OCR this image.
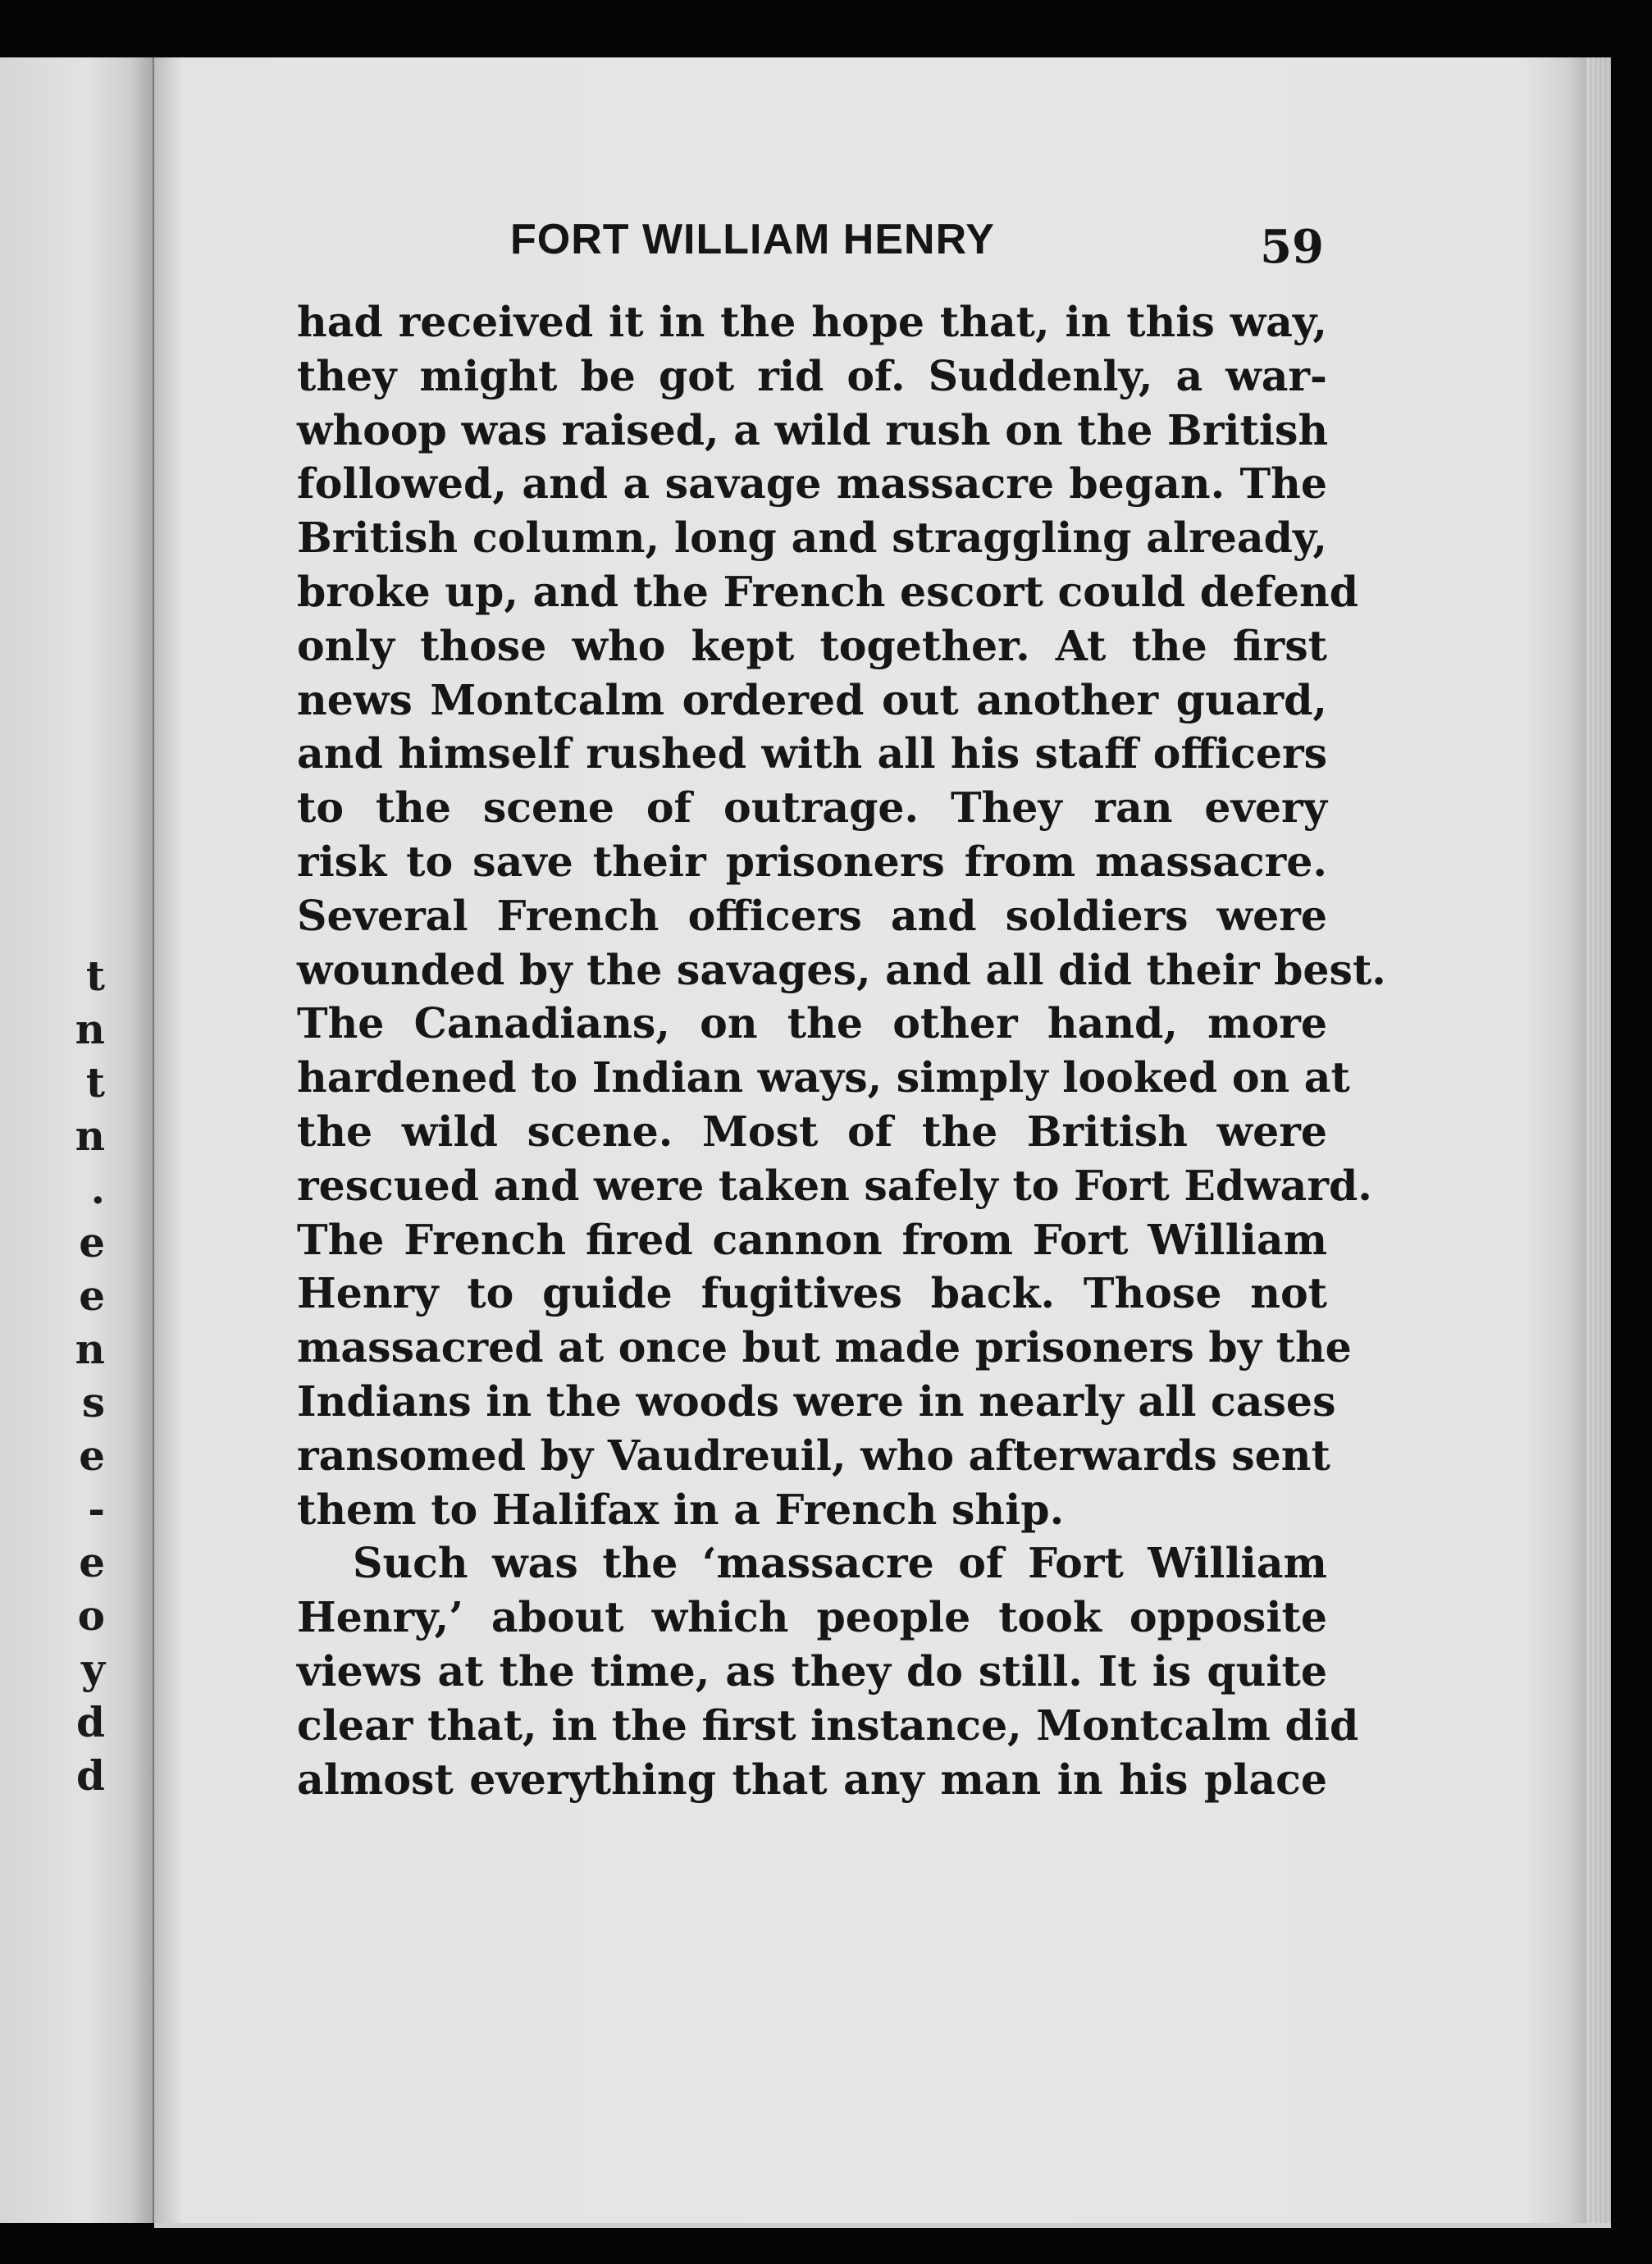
t
n
t
n
.
e
e
n
s
e
-
e
o
y
d
d
FORT WILLIAM HENRY	59
had received it in the hope that, in this way,
they might be got rid of. Suddenly, a war-
whoop was raised, a wild rush on the British
followed, and a savage massacre began. The
British column, long and straggling already,
broke up, and the French escort could defend
only those who kept together. At the first
news Montcalm ordered out another guard,
and himself rushed with all his staff officers
to the scene of outrage. They ran every
risk to save their prisoners from massacre.
Several French officers and soldiers were
wounded by the savages, and all did their best.
The Canadians, on the other hand, more
hardened to Indian ways, simply looked on at
the wild scene. Most of the British were
rescued and were taken safely to Fort Edward.
The French fired cannon from Fort William
Henry to guide fugitives back. Those not
massacred at once but made prisoners by the
Indians in the woods were in nearly all cases
ransomed by Vaudreuil, who afterwards sent
them to Halifax in a French ship.
Such was the ‘massacre of Fort William
Henry,’ about which people took opposite
views at the time, as they do still. It is quite
clear that, in the first instance, Montcalm did
almost everything that any man in his place
